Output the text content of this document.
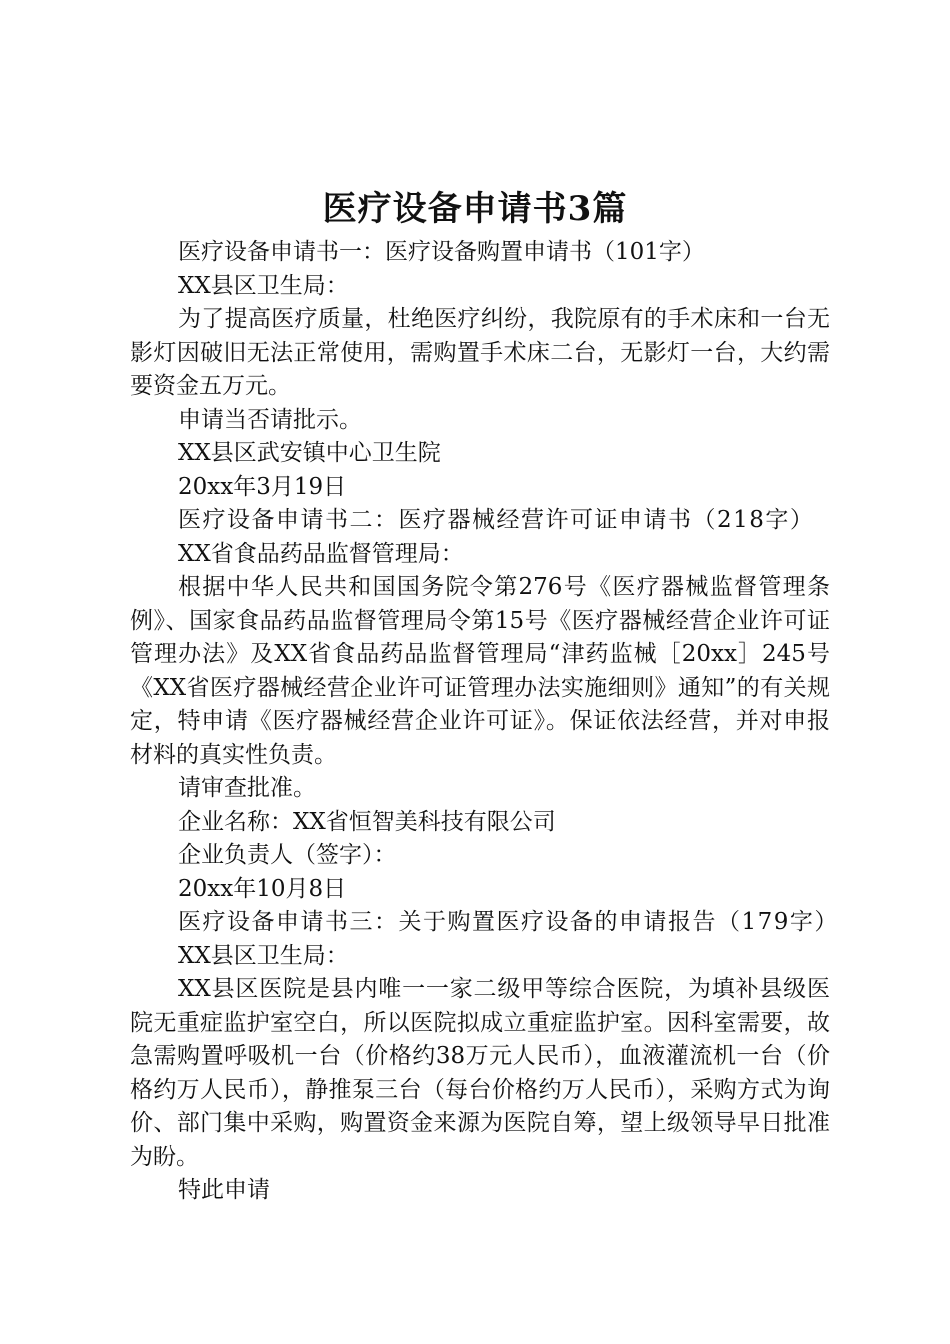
医疗设备申请书3篇

医疗设备申请书一：医疗设备购置申请书（101字）

XX县区卫生局：

为了提高医疗质量，杜绝医疗纠纷，我院原有的手术床和一台无影灯因破旧无法正常使用，需购置手术床二台，无影灯一台，大约需要资金五万元。

申请当否请批示。

XX县区武安镇中心卫生院

20xx年3月19日

医疗设备申请书二：医疗器械经营许可证申请书（218字）

XX省食品药品监督管理局：

根据中华人民共和国国务院令第276号《医疗器械监督管理条例》、国家食品药品监督管理局令第15号《医疗器械经营企业许可证管理办法》及XX省食品药品监督管理局“津药监械［20xx］245号《XX省医疗器械经营企业许可证管理办法实施细则》通知”的有关规定，特申请《医疗器械经营企业许可证》。保证依法经营，并对申报材料的真实性负责。

请审查批准。

企业名称：XX省恒智美科技有限公司

企业负责人（签字）：

20xx年10月8日

医疗设备申请书三：关于购置医疗设备的申请报告（179字）

XX县区卫生局：

XX县区医院是县内唯一一家二级甲等综合医院，为填补县级医院无重症监护室空白，所以医院拟成立重症监护室。因科室需要，故急需购置呼吸机一台（价格约38万元人民币），血液灌流机一台（价格约万人民币），静推泵三台（每台价格约万人民币），采购方式为询价、部门集中采购，购置资金来源为医院自筹，望上级领导早日批准为盼。

特此申请
